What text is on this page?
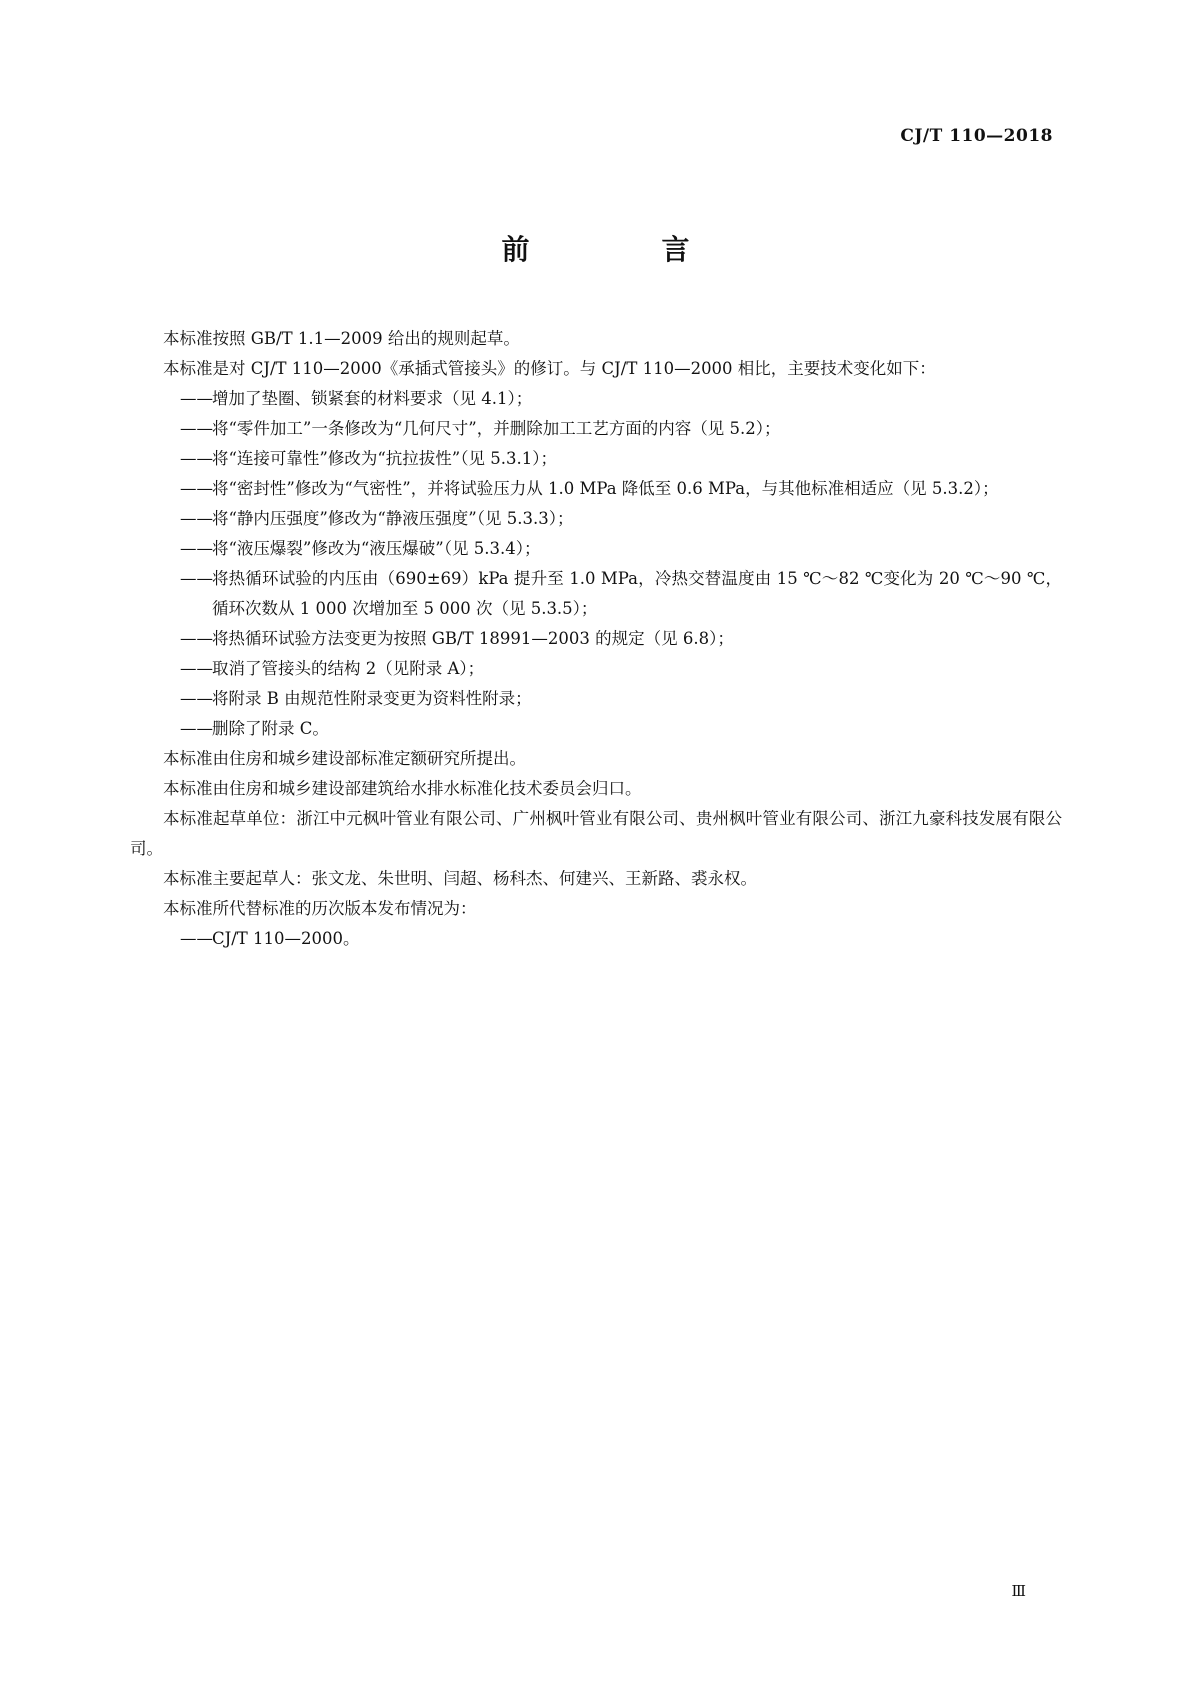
CJ/T 110—2018
前　言

本标准按照 GB/T 1.1—2009 给出的规则起草。

本标准是对 CJ/T 110—2000《承插式管接头》的修订。与 CJ/T 110—2000 相比，主要技术变化如下：

—— 增加了垫圈、锁紧套的材料要求（见 4.1）；

—— 将“零件加工”一条修改为“几何尺寸”，并删除加工工艺方面的内容（见 5.2）；

—— 将“连接可靠性”修改为“抗拉拔性”（见 5.3.1）；

—— 将“密封性”修改为“气密性”，并将试验压力从 1.0 MPa 降低至 0.6 MPa，与其他标准相适应（见 5.3.2）；

—— 将“静内压强度”修改为“静液压强度”（见 5.3.3）；

—— 将“液压爆裂”修改为“液压爆破”（见 5.3.4）；

—— 将热循环试验的内压由（690±69）kPa 提升至 1.0 MPa，冷热交替温度由 15 ℃～82 ℃变化为 20 ℃～90 ℃，循环次数从 1 000 次增加至 5 000 次（见 5.3.5）；

—— 将热循环试验方法变更为按照 GB/T 18991—2003 的规定（见 6.8）；

—— 取消了管接头的结构 2（见附录 A）；

—— 将附录 B 由规范性附录变更为资料性附录；

—— 删除了附录 C。

本标准由住房和城乡建设部标准定额研究所提出。

本标准由住房和城乡建设部建筑给水排水标准化技术委员会归口。

本标准起草单位：浙江中元枫叶管业有限公司、广州枫叶管业有限公司、贵州枫叶管业有限公司、浙江九豪科技发展有限公司。

本标准主要起草人：张文龙、朱世明、闫超、杨科杰、何建兴、王新路、裘永权。

本标准所代替标准的历次版本发布情况为：

—— CJ/T 110—2000。

Ⅲ
